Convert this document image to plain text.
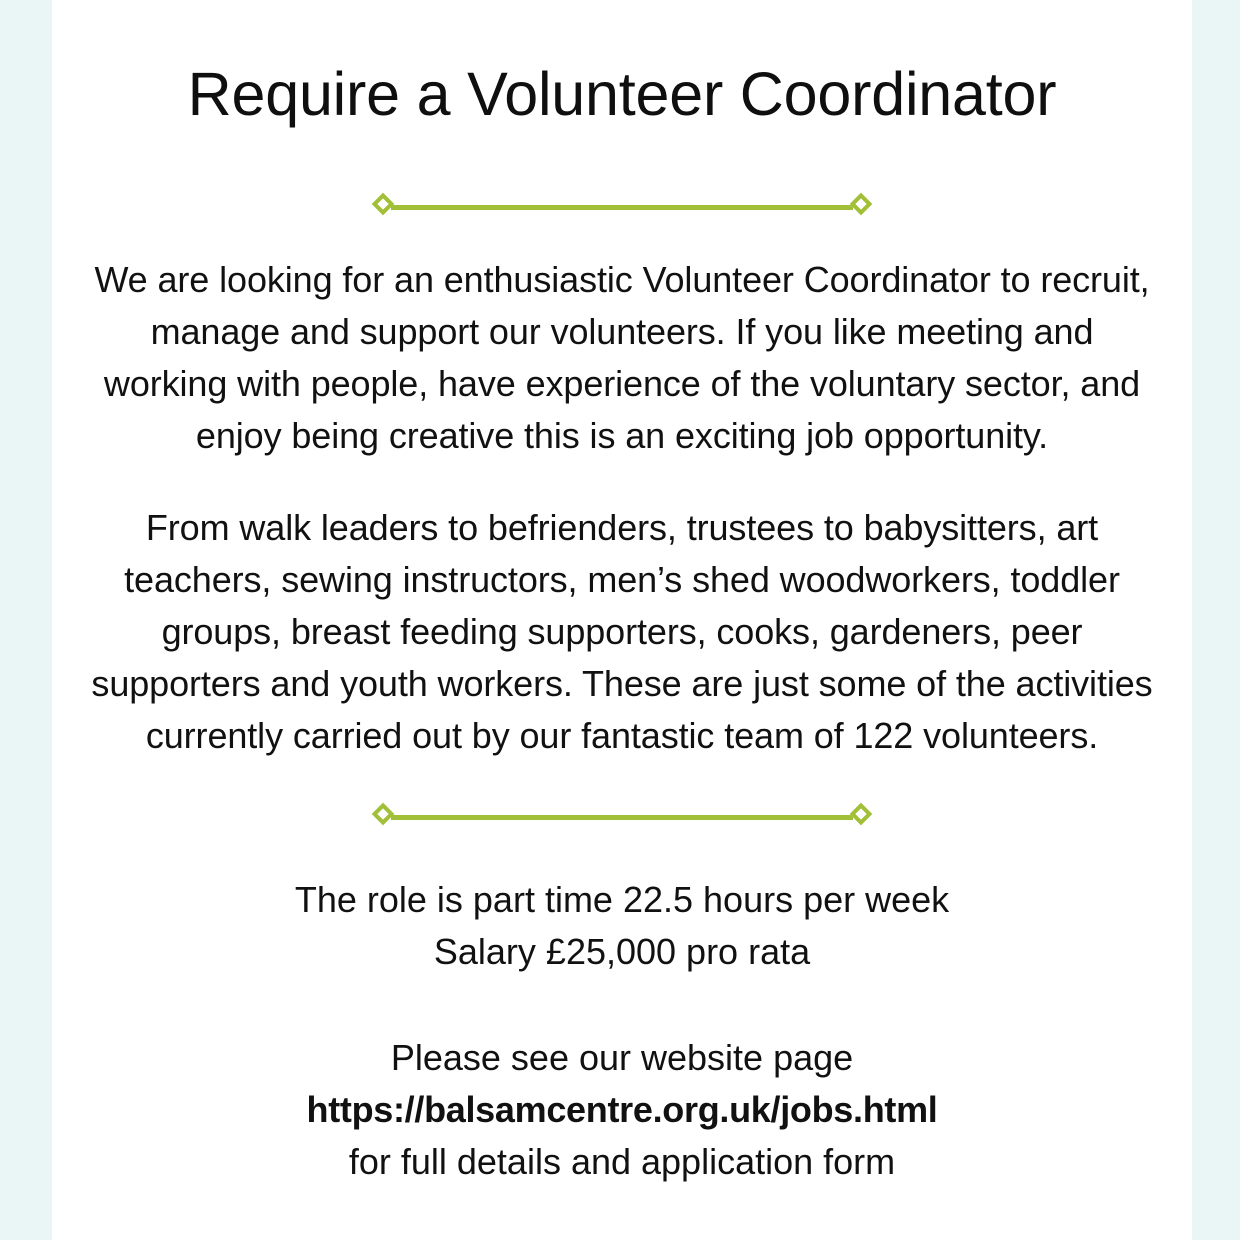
Require a Volunteer Coordinator

We are looking for an enthusiastic Volunteer Coordinator to recruit, manage and support our volunteers. If you like meeting and working with people, have experience of the voluntary sector, and enjoy being creative this is an exciting job opportunity.

From walk leaders to befrienders, trustees to babysitters, art teachers, sewing instructors, men’s shed woodworkers, toddler groups, breast feeding supporters, cooks, gardeners, peer supporters and youth workers. These are just some of the activities currently carried out by our fantastic team of 122 volunteers.

The role is part time 22.5 hours per week
Salary £25,000 pro rata
Please see our website page
https://balsamcentre.org.uk/jobs.html
for full details and application form
